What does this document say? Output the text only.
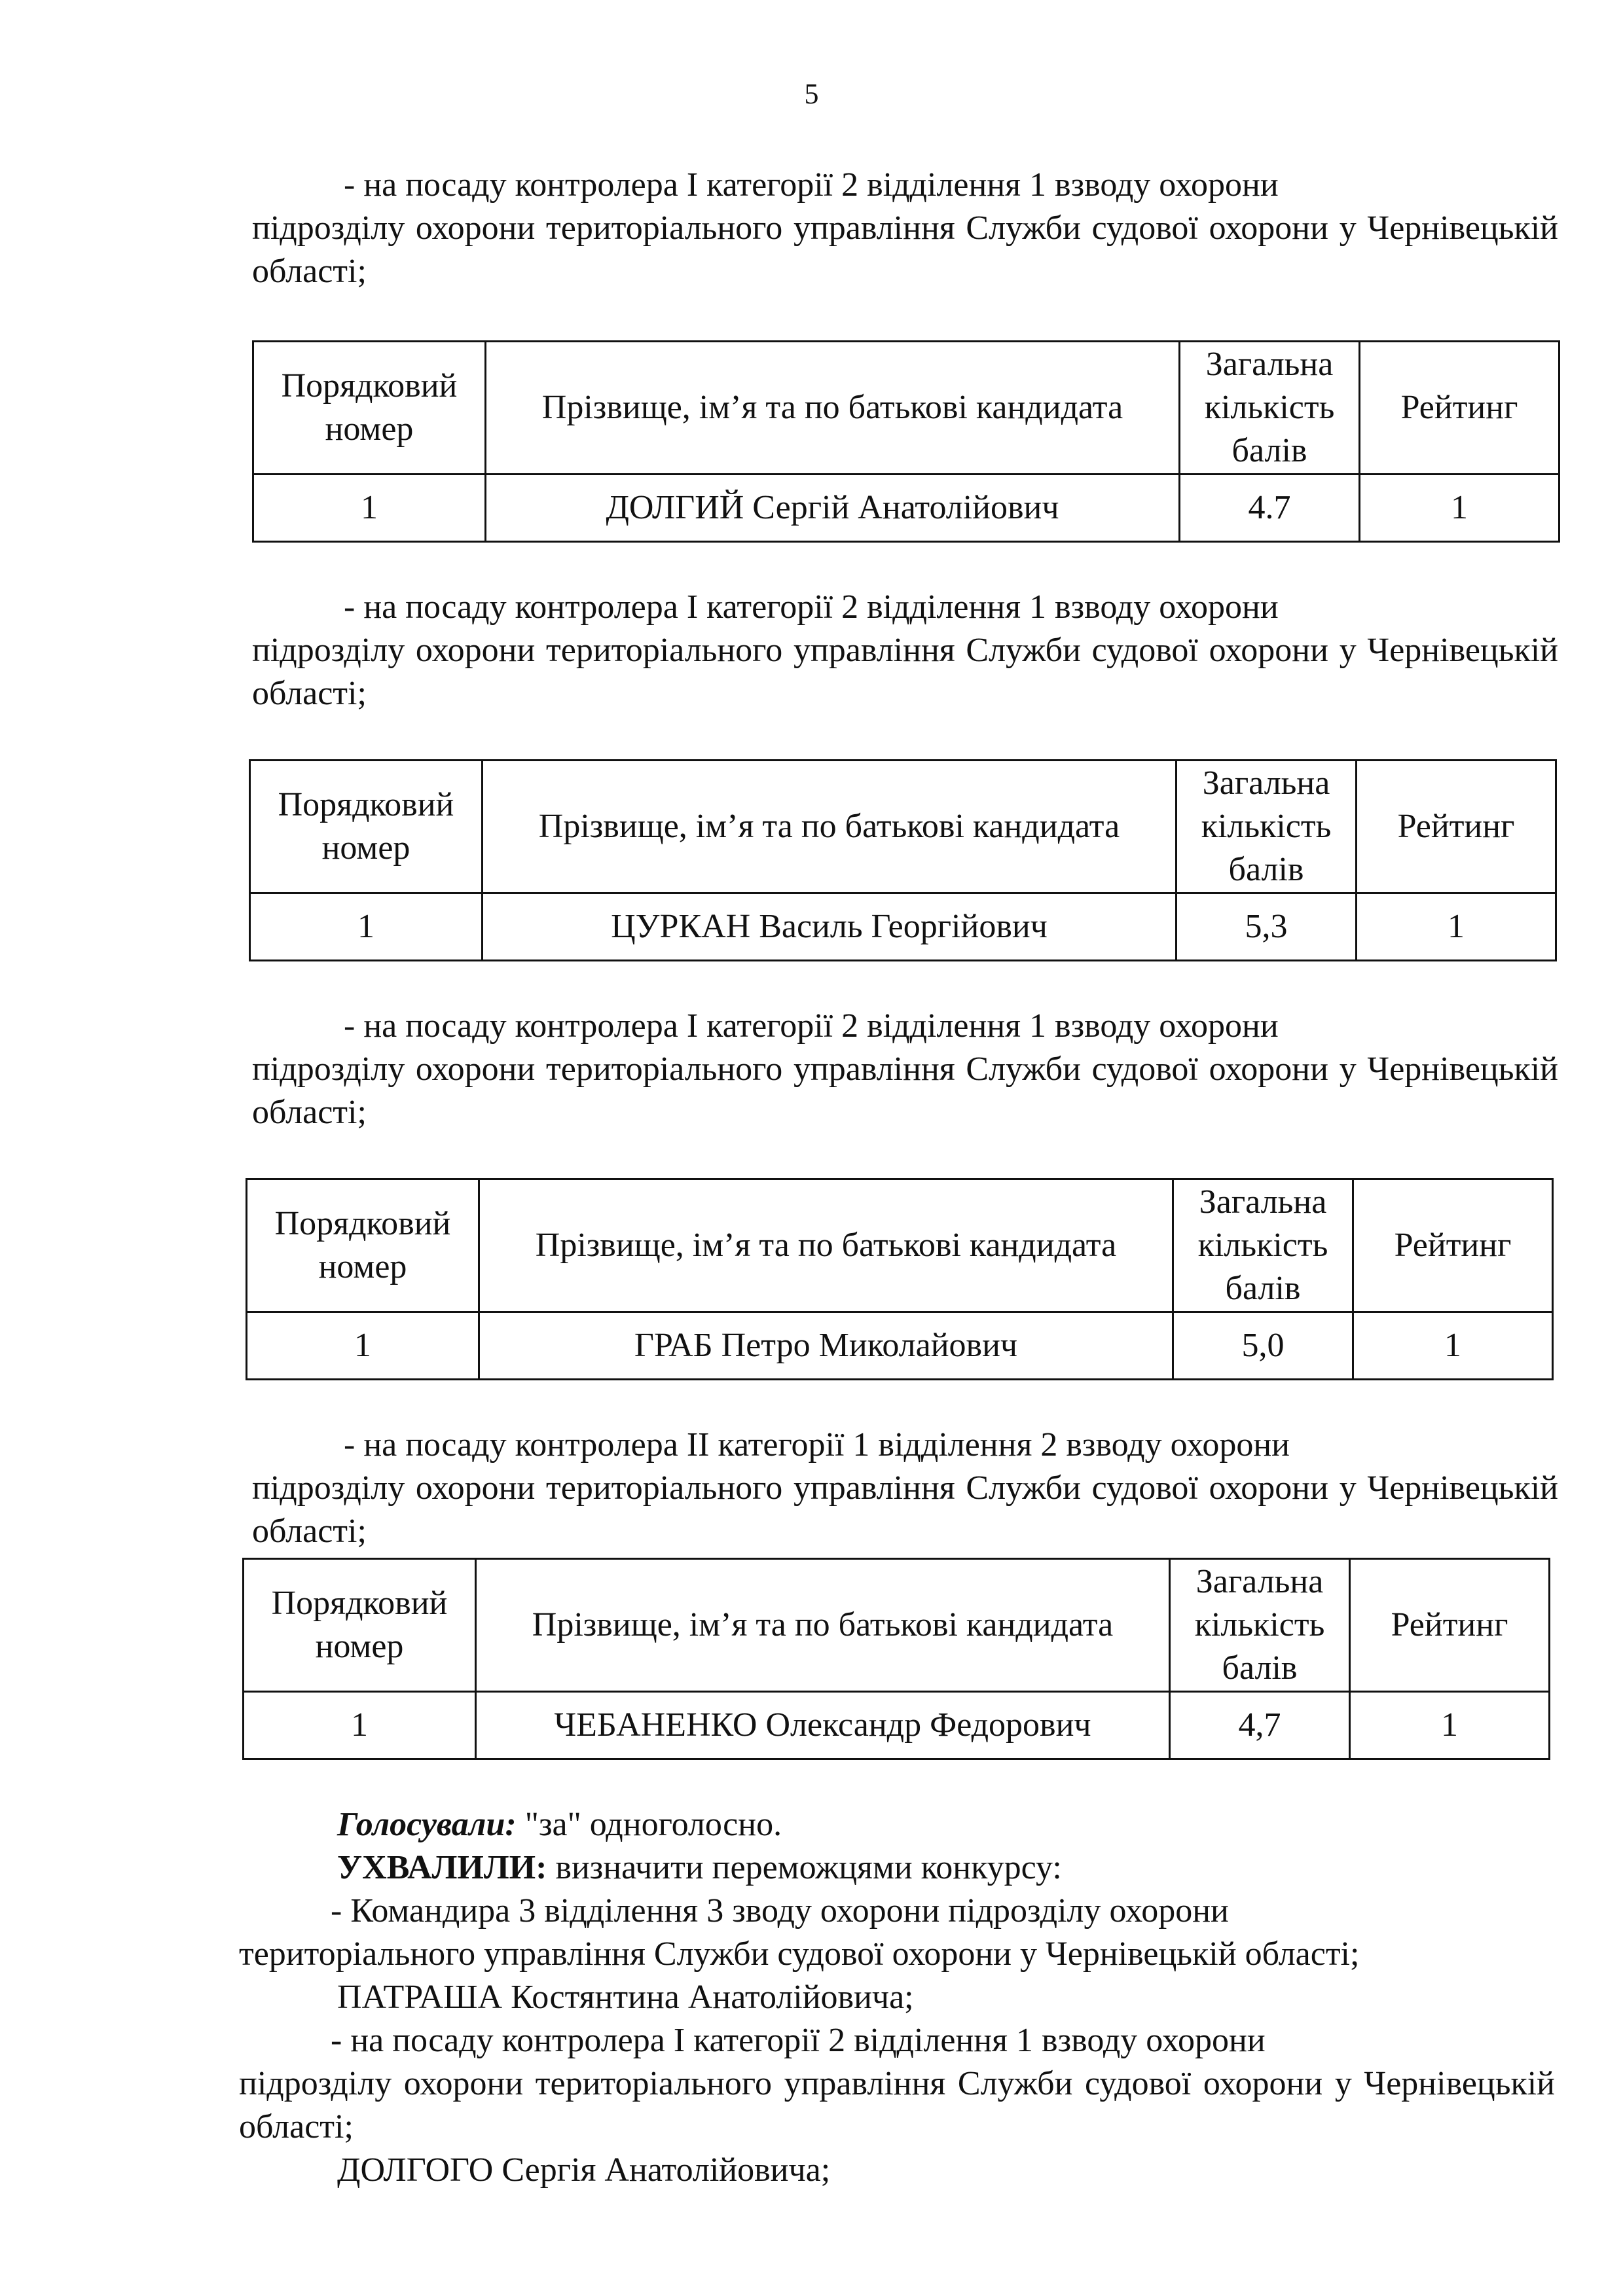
5

- на посаду контролера I категорії 2 відділення 1 взводу охорони
підрозділу охорони територіального управління Служби судової охорони у Чернівецькій області;

Порядковий номер	Прізвище, ім’я та по батькові кандидата	Загальна кількість балів	Рейтинг
1	ДОЛГИЙ Сергій Анатолійович	4.7	1

- на посаду контролера I категорії 2 відділення 1 взводу охорони
підрозділу охорони територіального управління Служби судової охорони у Чернівецькій області;

Порядковий номер	Прізвище, ім’я та по батькові кандидата	Загальна кількість балів	Рейтинг
1	ЦУРКАН Василь Георгійович	5,3	1

- на посаду контролера I категорії 2 відділення 1 взводу охорони
підрозділу охорони територіального управління Служби судової охорони у Чернівецькій області;

Порядковий номер	Прізвище, ім’я та по батькові кандидата	Загальна кількість балів	Рейтинг
1	ГРАБ Петро Миколайович	5,0	1

- на посаду контролера II категорії 1 відділення 2 взводу охорони
підрозділу охорони територіального управління Служби судової охорони у Чернівецькій області;

Порядковий номер	Прізвище, ім’я та по батькові кандидата	Загальна кількість балів	Рейтинг
1	ЧЕБАНЕНКО Олександр Федорович	4,7	1

Голосували: "за" одноголосно.

УХВАЛИЛИ: визначити переможцями конкурсу:

- Командира 3 відділення 3 зводу охорони підрозділу охорони
територіального управління Служби судової охорони у Чернівецькій області;

ПАТРАША Костянтина Анатолійовича;

- на посаду контролера I категорії 2 відділення 1 взводу охорони
підрозділу охорони територіального управління Служби судової охорони у Чернівецькій області;

ДОЛГОГО Сергія Анатолійовича;
